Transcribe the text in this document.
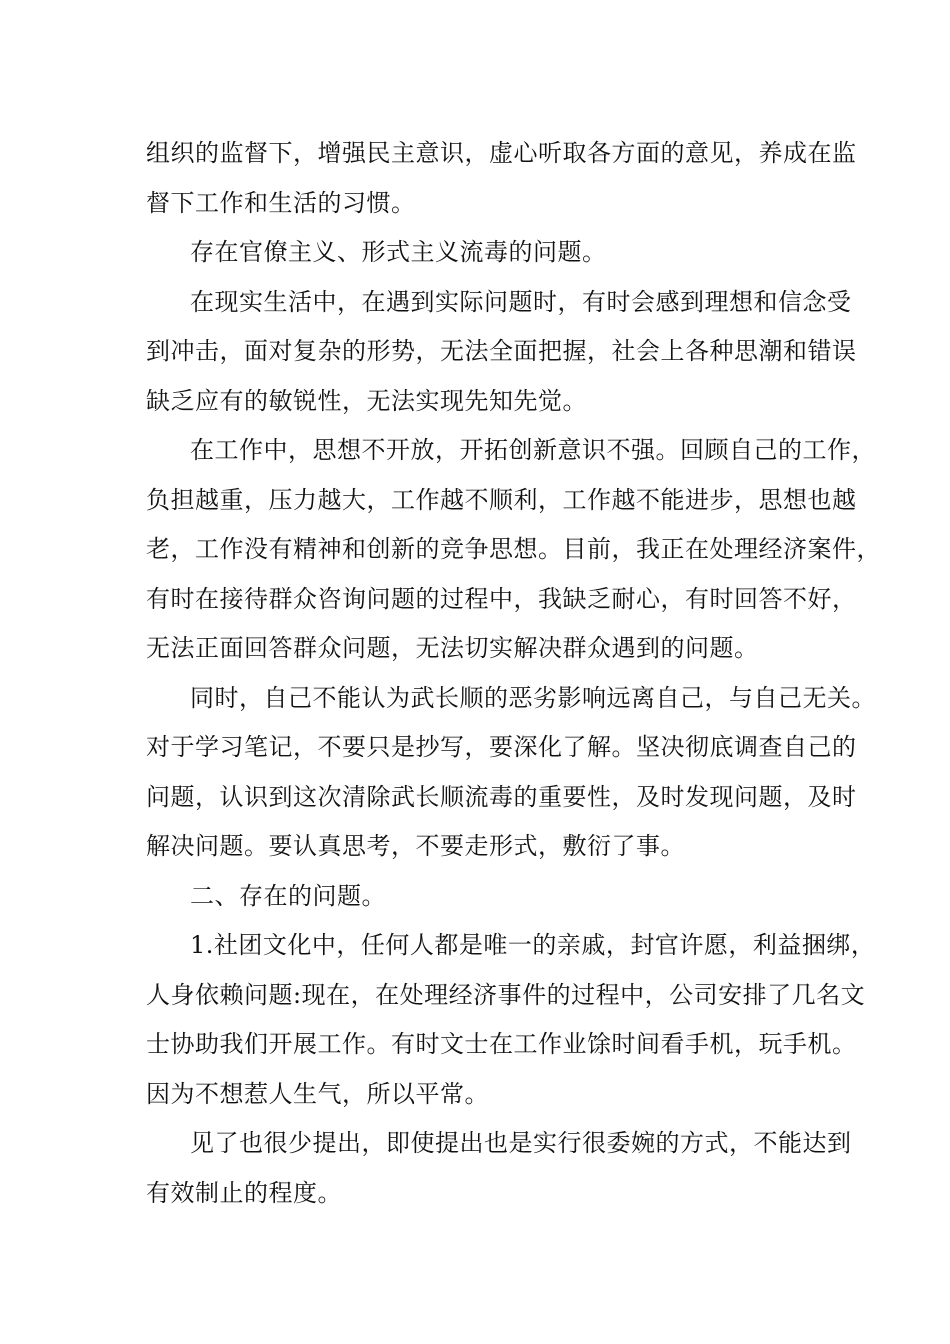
组织的监督下，增强民主意识，虚心听取各方面的意见，养成在监
督下工作和生活的习惯。
存在官僚主义、形式主义流毒的问题。
在现实生活中，在遇到实际问题时，有时会感到理想和信念受
到冲击，面对复杂的形势，无法全面把握，社会上各种思潮和错误
缺乏应有的敏锐性，无法实现先知先觉。
在工作中，思想不开放，开拓创新意识不强。回顾自己的工作，
负担越重，压力越大，工作越不顺利，工作越不能进步，思想也越
老，工作没有精神和创新的竞争思想。目前，我正在处理经济案件，
有时在接待群众咨询问题的过程中，我缺乏耐心，有时回答不好，
无法正面回答群众问题，无法切实解决群众遇到的问题。
同时，自己不能认为武长顺的恶劣影响远离自己，与自己无关。
对于学习笔记，不要只是抄写，要深化了解。坚决彻底调查自己的
问题，认识到这次清除武长顺流毒的重要性，及时发现问题，及时
解决问题。要认真思考，不要走形式，敷衍了事。
二、存在的问题。
1.社团文化中，任何人都是唯一的亲戚，封官许愿，利益捆绑，
人身依赖问题:现在，在处理经济事件的过程中，公司安排了几名文
士协助我们开展工作。有时文士在工作业馀时间看手机，玩手机。
因为不想惹人生气，所以平常。
见了也很少提出，即使提出也是实行很委婉的方式，不能达到
有效制止的程度。
